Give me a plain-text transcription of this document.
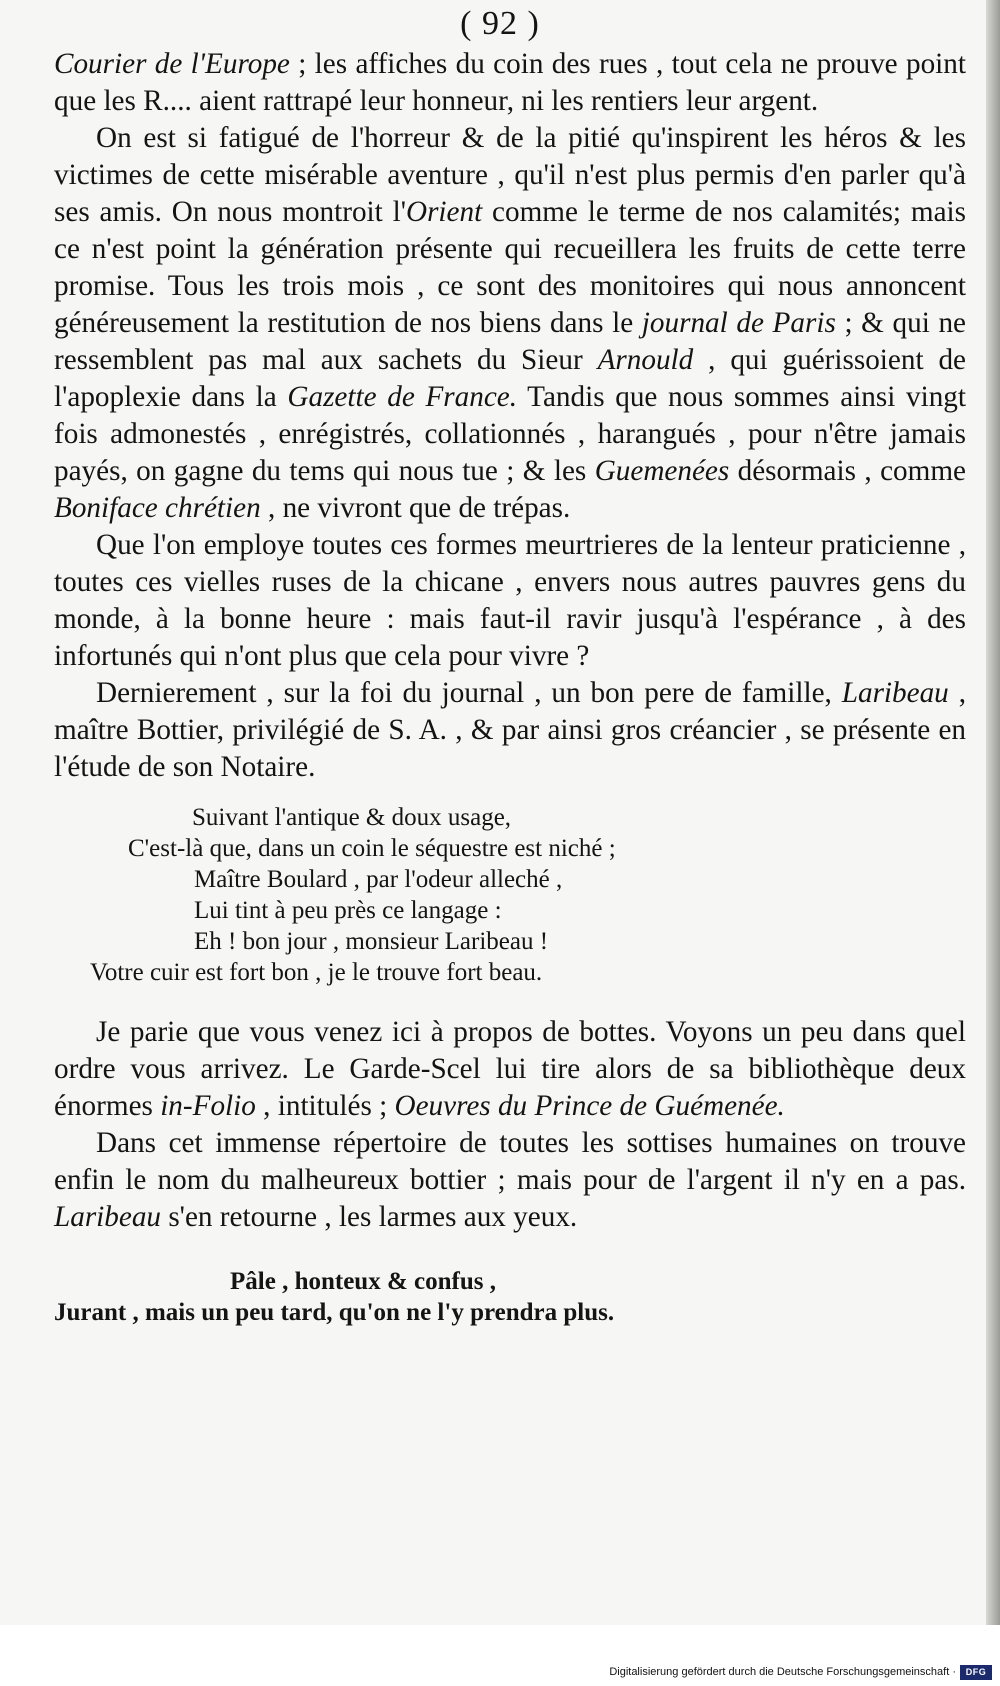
( 92 )

Courier de l'Europe ; les affiches du coin des rues , tout cela ne prouve point que les R.... aient rattrapé leur honneur, ni les rentiers leur argent.

On est si fatigué de l'horreur & de la pitié qu'inspirent les héros & les victimes de cette misérable aventure , qu'il n'est plus permis d'en parler qu'à ses amis. On nous montroit l'Orient comme le terme de nos calamités; mais ce n'est point la génération présente qui recueillera les fruits de cette terre promise. Tous les trois mois , ce sont des monitoires qui nous annoncent généreusement la restitution de nos biens dans le journal de Paris ; & qui ne ressemblent pas mal aux sachets du Sieur Arnould , qui guérissoient de l'apoplexie dans la Gazette de France. Tandis que nous sommes ainsi vingt fois admonestés , enrégistrés, collationnés , harangués , pour n'être jamais payés, on gagne du tems qui nous tue ; & les Guemenées désormais , comme Boniface chrétien , ne vivront que de trépas.

Que l'on employe toutes ces formes meurtrieres de la lenteur praticienne , toutes ces vielles ruses de la chicane , envers nous autres pauvres gens du monde, à la bonne heure : mais faut-il ravir jusqu'à l'espérance , à des infortunés qui n'ont plus que cela pour vivre ?

Dernierement , sur la foi du journal , un bon pere de famille, Laribeau , maître Bottier, privilégié de S. A. , & par ainsi gros créancier , se présente en l'étude de son Notaire.

Suivant l'antique & doux usage,
C'est-là que, dans un coin le séquestre est niché ;
Maître Boulard , par l'odeur alleché ,
Lui tint à peu près ce langage :
Eh ! bon jour , monsieur Laribeau !
Votre cuir est fort bon , je le trouve fort beau.

Je parie que vous venez ici à propos de bottes. Voyons un peu dans quel ordre vous arrivez. Le Garde-Scel lui tire alors de sa bibliothèque deux énormes in-Folio , intitulés ; Oeuvres du Prince de Guémenée.

Dans cet immense répertoire de toutes les sottises humaines on trouve enfin le nom du malheureux bottier ; mais pour de l'argent il n'y en a pas. Laribeau s'en retourne , les larmes aux yeux.

Pâle , honteux & confus ,
Jurant , mais un peu tard, qu'on ne l'y prendra plus.
Digitalisierung gefördert durch die Deutsche Forschungsgemeinschaft ·	DFG
